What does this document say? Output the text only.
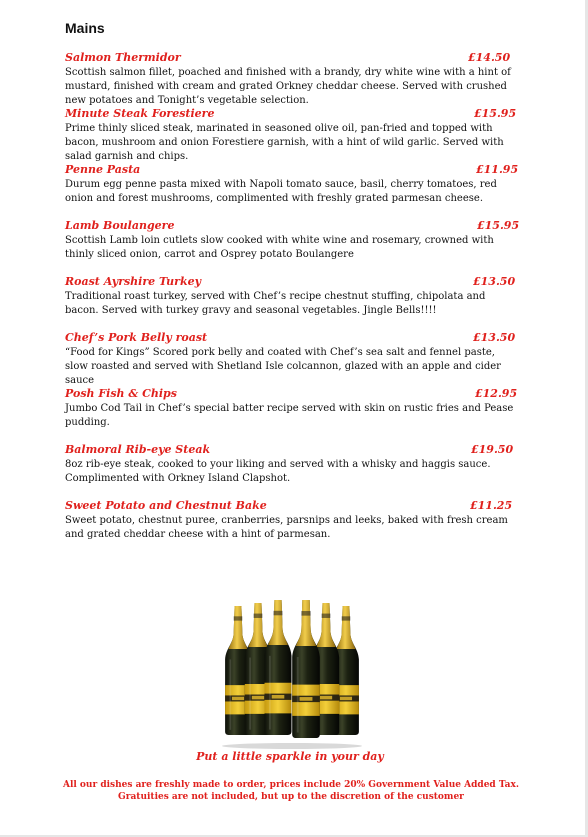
Mains
Salmon Thermidor	£14.50
Scottish salmon fillet, poached and finished with a brandy, dry white wine with a hint of mustard, finished with cream and grated Orkney cheddar cheese. Served with crushed new potatoes and Tonight’s vegetable selection.
Minute Steak Forestiere	£15.95
Prime thinly sliced steak, marinated in seasoned olive oil, pan-fried and topped with bacon, mushroom and onion Forestiere garnish, with a hint of wild garlic. Served with salad garnish and chips.
Penne Pasta	£11.95
Durum egg penne pasta mixed with Napoli tomato sauce, basil, cherry tomatoes, red onion and forest mushrooms, complimented with freshly grated parmesan cheese.
Lamb Boulangere	£15.95
Scottish Lamb loin cutlets slow cooked with white wine and rosemary, crowned with thinly sliced onion, carrot and Osprey potato Boulangere
Roast Ayrshire Turkey	£13.50
Traditional roast turkey, served with Chef’s recipe chestnut stuffing, chipolata and bacon. Served with turkey gravy and seasonal vegetables. Jingle Bells!!!!
Chef’s Pork Belly roast	£13.50
“Food for Kings” Scored pork belly and coated with Chef’s sea salt and fennel paste, slow roasted and served with Shetland Isle colcannon, glazed with an apple and cider sauce
Posh Fish & Chips	£12.95
Jumbo Cod Tail in Chef’s special batter recipe served with skin on rustic fries and Pease pudding.
Balmoral Rib-eye Steak	£19.50
8oz rib-eye steak, cooked to your liking and served with a whisky and haggis sauce. Complimented with Orkney Island Clapshot.
Sweet Potato and Chestnut Bake	£11.25
Sweet potato, chestnut puree, cranberries, parsnips and leeks, baked with fresh cream and grated cheddar cheese with a hint of parmesan.
Put a little sparkle in your day
All our dishes are freshly made to order, prices include 20% Government Value Added Tax.
Gratuities are not included, but up to the discretion of the customer
